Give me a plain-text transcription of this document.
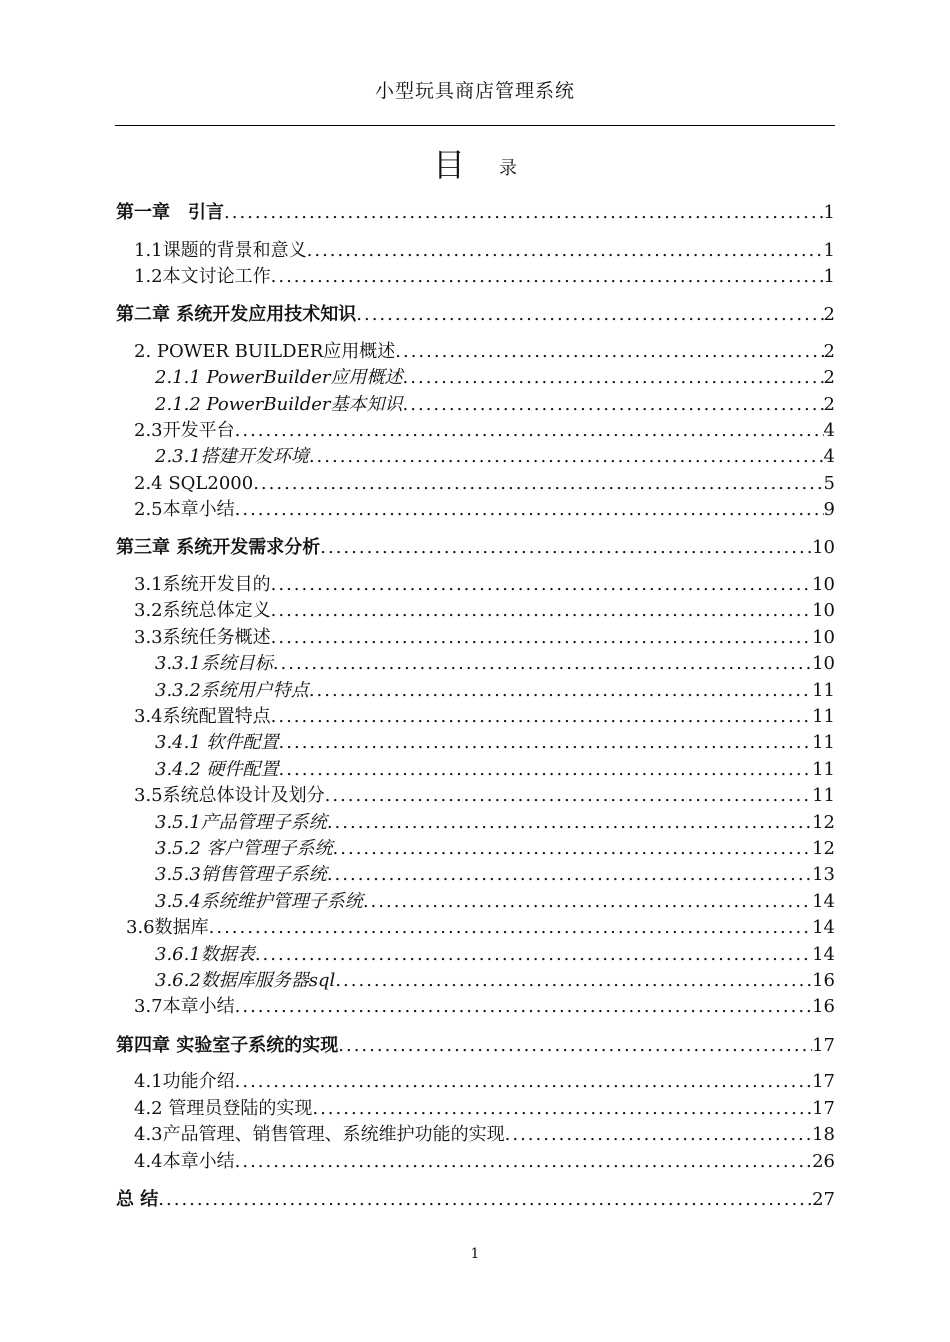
小型玩具商店管理系统
目 录
第一章　引言 .....	1
1.1课题的背景和意义 .....	1
1.2本文讨论工作 .....	1
第二章 系统开发应用技术知识 .....	2
2. POWER BUILDER应用概述 .....	2
2.1.1 PowerBuilder应用概述 .....	2
2.1.2 PowerBuilder基本知识 .....	2
2.3开发平台 .....	4
2.3.1搭建开发环境 .....	4
2.4 SQL2000 .....	5
2.5本章小结 .....	9
第三章 系统开发需求分析 .....	10
3.1系统开发目的 .....	10
3.2系统总体定义 .....	10
3.3系统任务概述 .....	10
3.3.1系统目标 .....	10
3.3.2系统用户特点 .....	11
3.4系统配置特点 .....	11
3.4.1 软件配置 .....	11
3.4.2 硬件配置 .....	11
3.5系统总体设计及划分 .....	11
3.5.1产品管理子系统 .....	12
3.5.2 客户管理子系统 .....	12
3.5.3销售管理子系统 .....	13
3.5.4系统维护管理子系统 .....	14
3.6数据库 .....	14
3.6.1数据表 .....	14
3.6.2数据库服务器sql .....	16
3.7本章小结 .....	16
第四章 实验室子系统的实现 .....	17
4.1功能介绍 .....	17
4.2 管理员登陆的实现 .....	17
4.3产品管理、销售管理、系统维护功能的实现 .....	18
4.4本章小结 .....	26
总 结 .....	27
1
